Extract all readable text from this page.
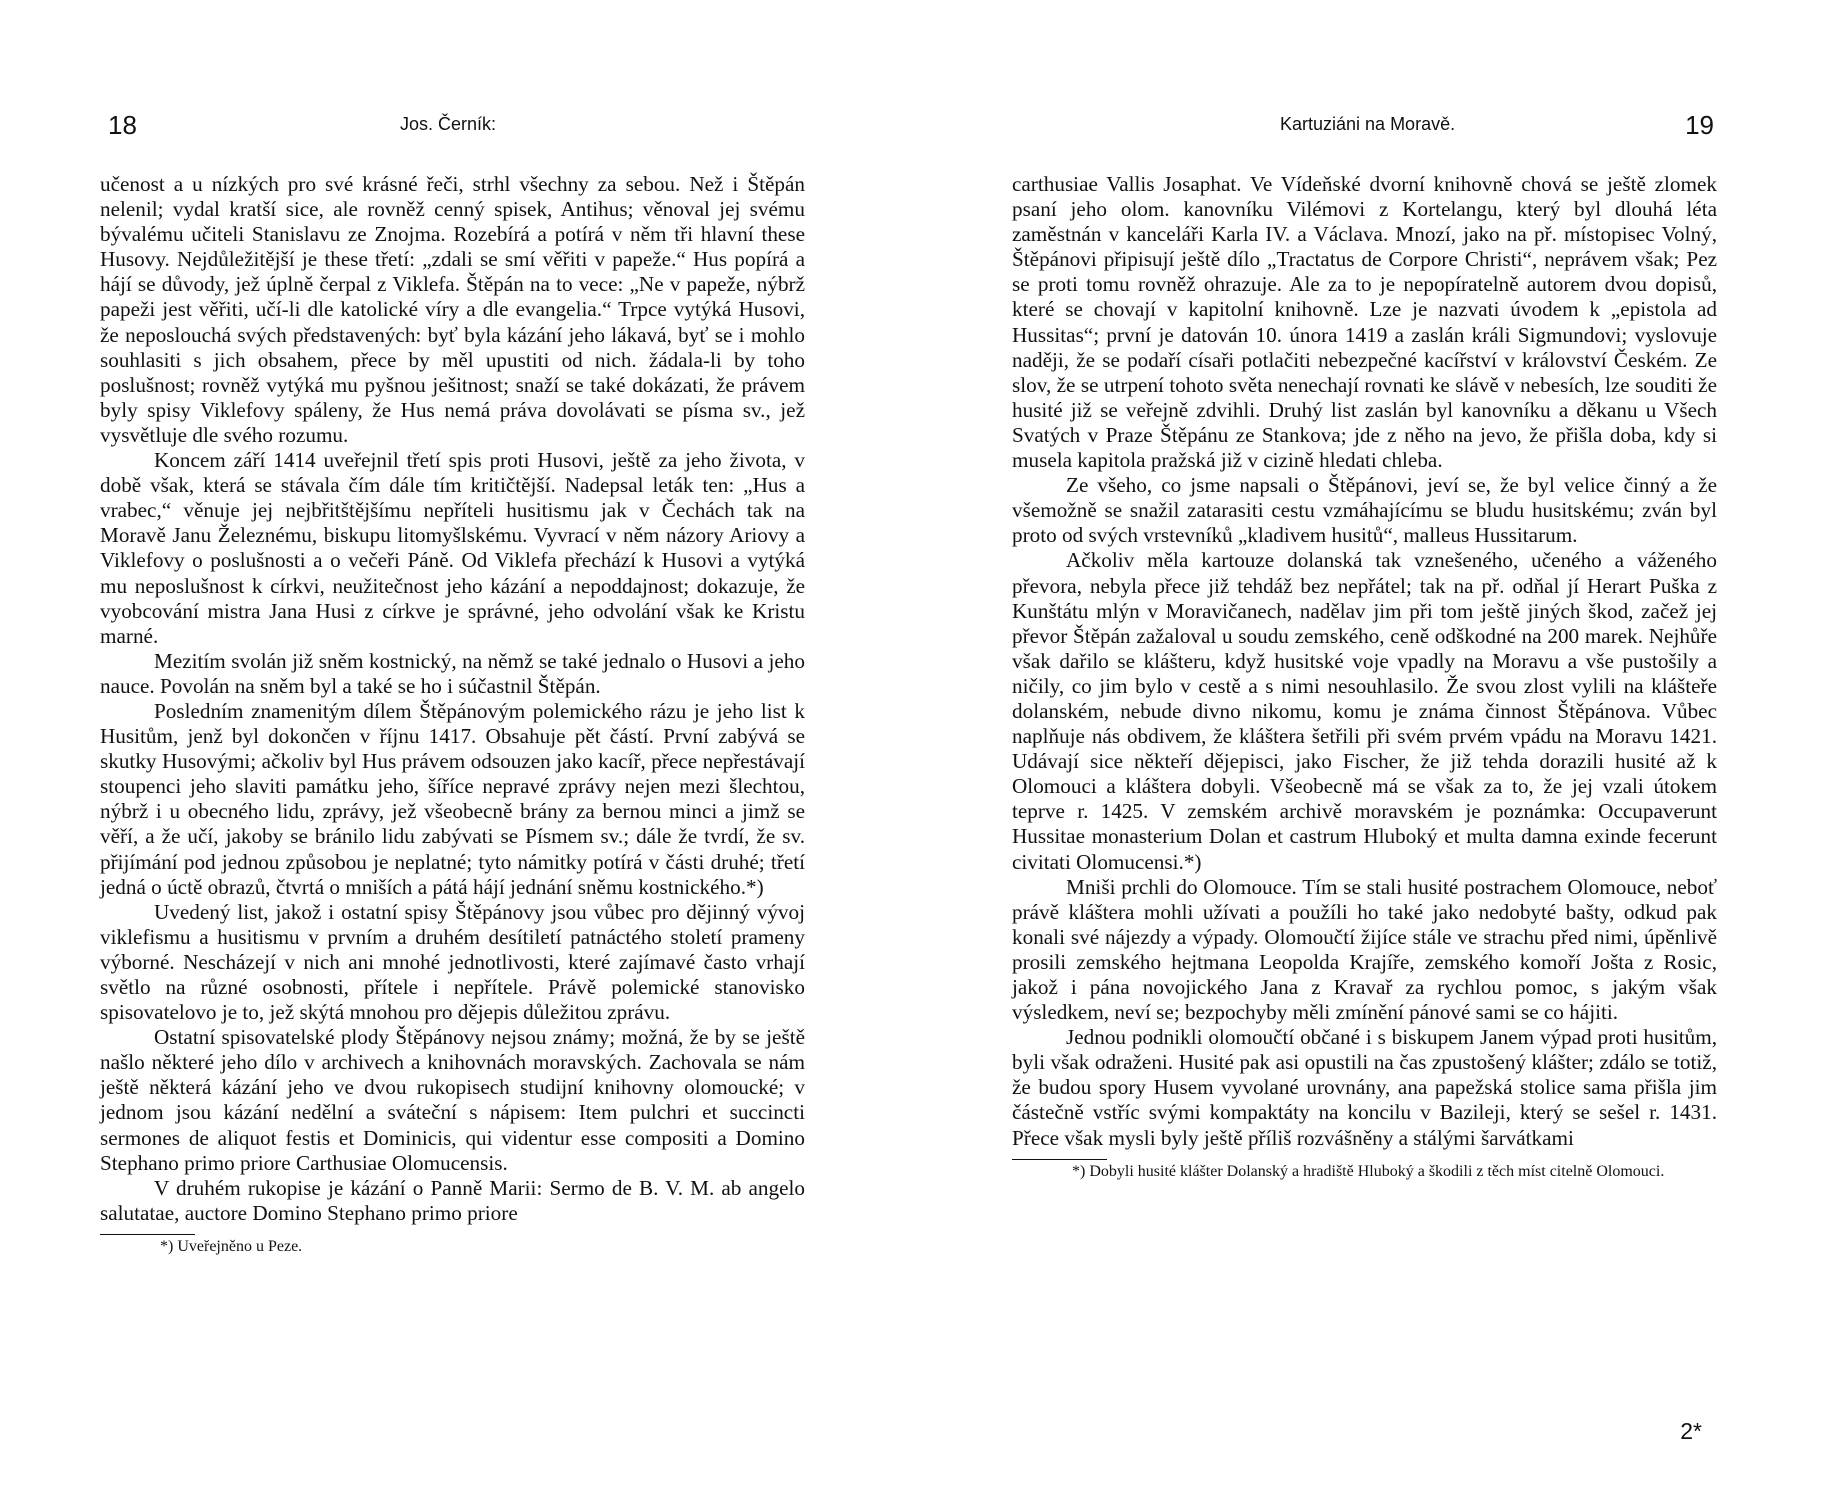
18	Jos. Černík:

učenost a u nízkých pro své krásné řeči, strhl všechny za sebou. Než i Štěpán nelenil; vydal kratší sice, ale rovněž cenný spisek, Antihus; věnoval jej svému bývalému učiteli Stanislavu ze Znojma. Rozebírá a potírá v něm tři hlavní these Husovy. Nejdůležitější je these třetí: „zdali se smí věřiti v papeže.“ Hus popírá a hájí se důvody, jež úplně čerpal z Viklefa. Štěpán na to vece: „Ne v papeže, nýbrž papeži jest věřiti, učí-li dle katolické víry a dle evangelia.“ Trpce vytýká Husovi, že neposlouchá svých představených: byť byla kázání jeho lákavá, byť se i mohlo souhlasiti s jich obsahem, přece by měl upustiti od nich. žádala-li by toho poslušnost; rovněž vytýká mu pyšnou ješitnost; snaží se také dokázati, že právem byly spisy Viklefovy spáleny, že Hus nemá práva dovolávati se písma sv., jež vysvětluje dle svého rozumu.

Koncem září 1414 uveřejnil třetí spis proti Husovi, ještě za jeho života, v době však, která se stávala čím dále tím kritičtější. Nadepsal leták ten: „Hus a vrabec,“ věnuje jej nejbřitštějšímu nepříteli husitismu jak v Čechách tak na Moravě Janu Železnému, biskupu litomyšlskému. Vyvrací v něm názory Ariovy a Viklefovy o poslušnosti a o večeři Páně. Od Viklefa přechází k Husovi a vytýká mu neposlušnost k církvi, neužitečnost jeho kázání a nepoddajnost; dokazuje, že vyobcování mistra Jana Husi z církve je správné, jeho odvolání však ke Kristu marné.

Mezitím svolán již sněm kostnický, na němž se také jednalo o Husovi a jeho nauce. Povolán na sněm byl a také se ho i súčastnil Štěpán.

Posledním znamenitým dílem Štěpánovým polemického rázu je jeho list k Husitům, jenž byl dokončen v říjnu 1417. Obsahuje pět částí. První zabývá se skutky Husovými; ačkoliv byl Hus právem odsouzen jako kacíř, přece nepřestávají stoupenci jeho slaviti památku jeho, šíříce nepravé zprávy nejen mezi šlechtou, nýbrž i u obecného lidu, zprávy, jež všeobecně brány za bernou minci a jimž se věří, a že učí, jakoby se bránilo lidu zabývati se Písmem sv.; dále že tvrdí, že sv. přijímání pod jednou způsobou je neplatné; tyto námitky potírá v části druhé; třetí jedná o úctě obrazů, čtvrtá o mniších a pátá hájí jednání sněmu kostnického.*)

Uvedený list, jakož i ostatní spisy Štěpánovy jsou vůbec pro dějinný vývoj viklefismu a husitismu v prvním a druhém desítiletí patnáctého století prameny výborné. Nescházejí v nich ani mnohé jednotlivosti, které zajímavé často vrhají světlo na různé osobnosti, přítele i nepřítele. Právě polemické stanovisko spisovatelovo je to, jež skýtá mnohou pro dějepis důležitou zprávu.

Ostatní spisovatelské plody Štěpánovy nejsou známy; možná, že by se ještě našlo některé jeho dílo v archivech a knihovnách moravských. Zachovala se nám ještě některá kázání jeho ve dvou rukopisech studijní knihovny olomoucké; v jednom jsou kázání nedělní a sváteční s nápisem: Item pulchri et succincti sermones de aliquot festis et Dominicis, qui videntur esse compositi a Domino Stephano primo priore Carthusiae Olomucensis.

V druhém rukopise je kázání o Panně Marii: Sermo de B. V. M. ab angelo salutatae, auctore Domino Stephano primo priore

*) Uveřejněno u Peze.

Kartuziáni na Moravě.	19

carthusiae Vallis Josaphat. Ve Vídeňské dvorní knihovně chová se ještě zlomek psaní jeho olom. kanovníku Vilémovi z Kortelangu, který byl dlouhá léta zaměstnán v kanceláři Karla IV. a Václava. Mnozí, jako na př. místopisec Volný, Štěpánovi připisují ještě dílo „Tractatus de Corpore Christi“, neprávem však; Pez se proti tomu rovněž ohrazuje. Ale za to je nepopíratelně autorem dvou dopisů, které se chovají v kapitolní knihovně. Lze je nazvati úvodem k „epistola ad Hussitas“; první je datován 10. února 1419 a zaslán králi Sigmundovi; vyslovuje naději, že se podaří císaři potlačiti nebezpečné kacířství v království Českém. Ze slov, že se utrpení tohoto světa nenechají rovnati ke slávě v nebesích, lze souditi že husité již se veřejně zdvihli. Druhý list zaslán byl kanovníku a děkanu u Všech Svatých v Praze Štěpánu ze Stankova; jde z něho na jevo, že přišla doba, kdy si musela kapitola pražská již v cizině hledati chleba.

Ze všeho, co jsme napsali o Štěpánovi, jeví se, že byl velice činný a že všemožně se snažil zatarasiti cestu vzmáhajícímu se bludu husitskému; zván byl proto od svých vrstevníků „kladivem husitů“, malleus Hussitarum.

Ačkoliv měla kartouze dolanská tak vznešeného, učeného a váženého převora, nebyla přece již tehdáž bez nepřátel; tak na př. odňal jí Herart Puška z Kunštátu mlýn v Moravičanech, nadělav jim při tom ještě jiných škod, začež jej převor Štěpán zažaloval u soudu zemského, ceně odškodné na 200 marek. Nejhůře však dařilo se klášteru, když husitské voje vpadly na Moravu a vše pustošily a ničily, co jim bylo v cestě a s nimi nesouhlasilo. Že svou zlost vylili na klášteře dolanském, nebude divno nikomu, komu je známa činnost Štěpánova. Vůbec naplňuje nás obdivem, že kláštera šetřili při svém prvém vpádu na Moravu 1421. Udávají sice někteří dějepisci, jako Fischer, že již tehda dorazili husité až k Olomouci a kláštera dobyli. Všeobecně má se však za to, že jej vzali útokem teprve r. 1425. V zemském archivě moravském je poznámka: Occupaverunt Hussitae monasterium Dolan et castrum Hluboký et multa damna exinde fecerunt civitati Olomucensi.*)

Mniši prchli do Olomouce. Tím se stali husité postrachem Olomouce, neboť právě kláštera mohli užívati a použíli ho také jako nedobyté bašty, odkud pak konali své nájezdy a výpady. Olomoučtí žijíce stále ve strachu před nimi, úpěnlivě prosili zemského hejtmana Leopolda Krajíře, zemského komoří Jošta z Rosic, jakož i pána novojického Jana z Kravař za rychlou pomoc, s jakým však výsledkem, neví se; bezpochyby měli zmínění pánové sami se co hájiti.

Jednou podnikli olomoučtí občané i s biskupem Janem výpad proti husitům, byli však odraženi. Husité pak asi opustili na čas zpustošený klášter; zdálo se totiž, že budou spory Husem vyvolané urovnány, ana papežská stolice sama přišla jim částečně vstříc svými kompaktáty na koncilu v Bazileji, který se sešel r. 1431. Přece však mysli byly ještě příliš rozvášněny a stálými šarvátkami

*) Dobyli husité klášter Dolanský a hradiště Hluboký a škodili z těch míst citelně Olomouci.

2*
